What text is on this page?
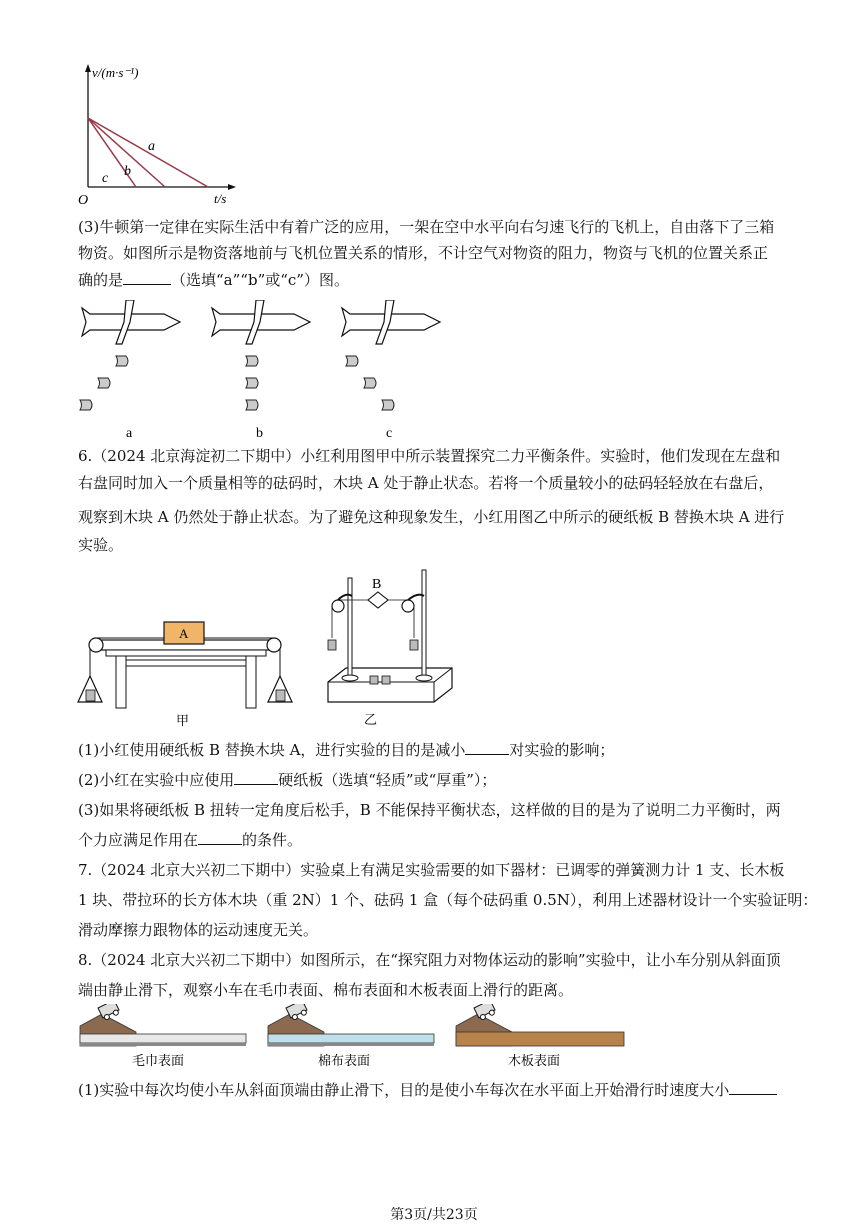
v/(m·s⁻¹)
t/s
O
a
b
c
(3)牛顿第一定律在实际生活中有着广泛的应用，一架在空中水平向右匀速飞行的飞机上，自由落下了三箱
物资。如图所示是物资落地前与飞机位置关系的情形，不计空气对物资的阻力，物资与飞机的位置关系正
确的是	（选填“a”“b”或“c”）图。
a	b	c
6.（2024 北京海淀初二下期中）小红利用图甲中所示装置探究二力平衡条件。实验时，他们发现在左盘和
右盘同时加入一个质量相等的砝码时，木块 A 处于静止状态。若将一个质量较小的砝码轻轻放在右盘后，
观察到木块 A 仍然处于静止状态。为了避免这种现象发生，小红用图乙中所示的硬纸板 B 替换木块 A 进行
实验。
A
甲
B
乙
(1)小红使用硬纸板 B 替换木块 A，进行实验的目的是减小	对实验的影响；
(2)小红在实验中应使用	硬纸板（选填“轻质”或“厚重”）；
(3)如果将硬纸板 B 扭转一定角度后松手，B 不能保持平衡状态，这样做的目的是为了说明二力平衡时，两
个力应满足作用在	的条件。
7.（2024 北京大兴初二下期中）实验桌上有满足实验需要的如下器材：已调零的弹簧测力计 1 支、长木板
1 块、带拉环的长方体木块（重 2N）1 个、砝码 1 盒（每个砝码重 0.5N），利用上述器材设计一个实验证明：
滑动摩擦力跟物体的运动速度无关。
8.（2024 北京大兴初二下期中）如图所示，在“探究阻力对物体运动的影响”实验中，让小车分别从斜面顶
端由静止滑下，观察小车在毛巾表面、棉布表面和木板表面上滑行的距离。
毛巾表面	棉布表面	木板表面
(1)实验中每次均使小车从斜面顶端由静止滑下，目的是使小车每次在水平面上开始滑行时速度大小
第3页/共23页
